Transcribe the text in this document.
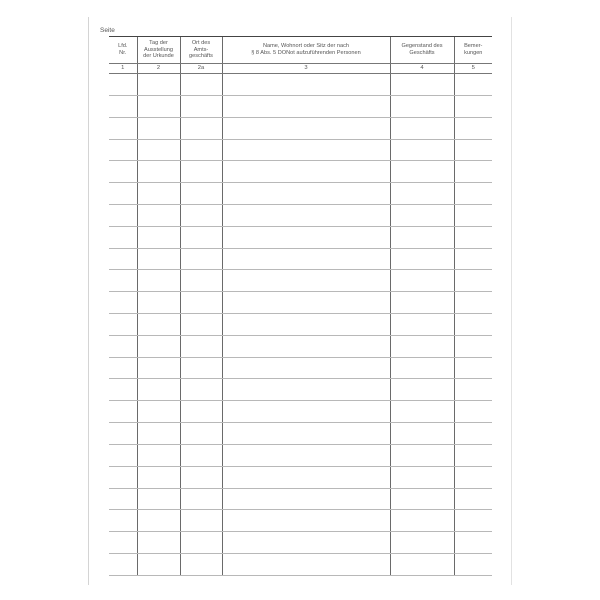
Seite
Lfd.
Nr.	Tag der
Ausstellung
der Urkunde	Ort des
Amts-
geschäfts	Name, Wohnort oder Sitz der nach
§ 8 Abs. 5 DONot aufzuführenden Personen	Gegenstand des
Geschäfts	Bemer-
kungen
1	2	2a	3	4	5
